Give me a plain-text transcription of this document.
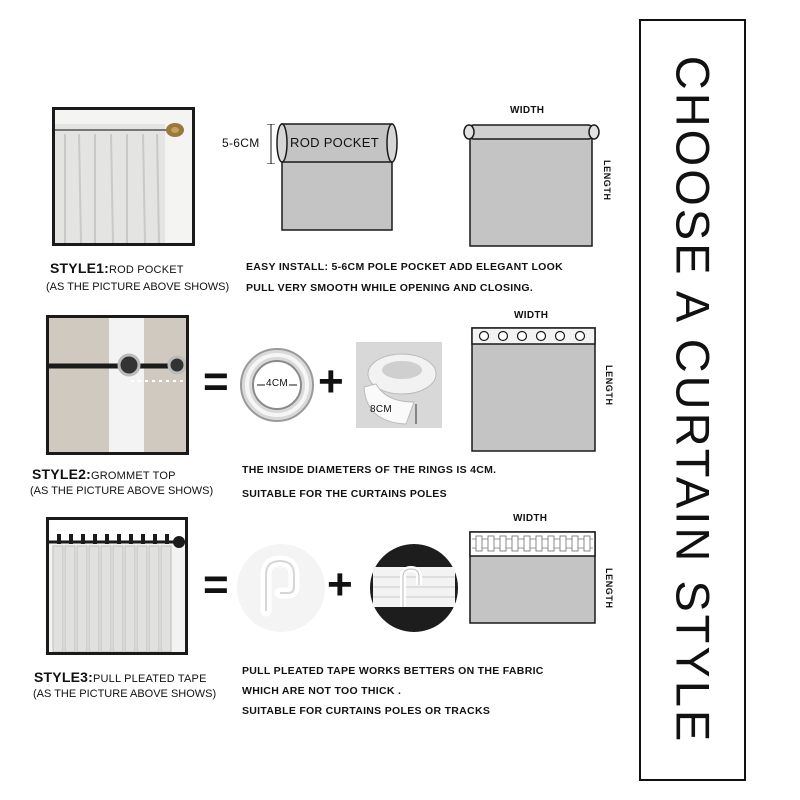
CHOOSE A CURTAIN STYLE
ROD POCKET
5-6CM
WIDTH
LENGTH
STYLE1:ROD POCKET
(AS THE PICTURE ABOVE SHOWS)
EASY INSTALL: 5-6CM POLE POCKET ADD ELEGANT LOOK
PULL VERY SMOOTH WHILE OPENING AND CLOSING.
=	4CM +
8CM
WIDTH
LENGTH
STYLE2:GROMMET TOP
(AS THE PICTURE ABOVE SHOWS)
THE INSIDE DIAMETERS OF THE RINGS IS 4CM.
SUITABLE FOR THE CURTAINS POLES
= +
WIDTH
LENGTH
STYLE3:PULL PLEATED TAPE
(AS THE PICTURE ABOVE SHOWS)
PULL PLEATED TAPE WORKS BETTERS ON THE FABRIC
WHICH ARE NOT TOO THICK .
SUITABLE FOR CURTAINS POLES OR TRACKS
